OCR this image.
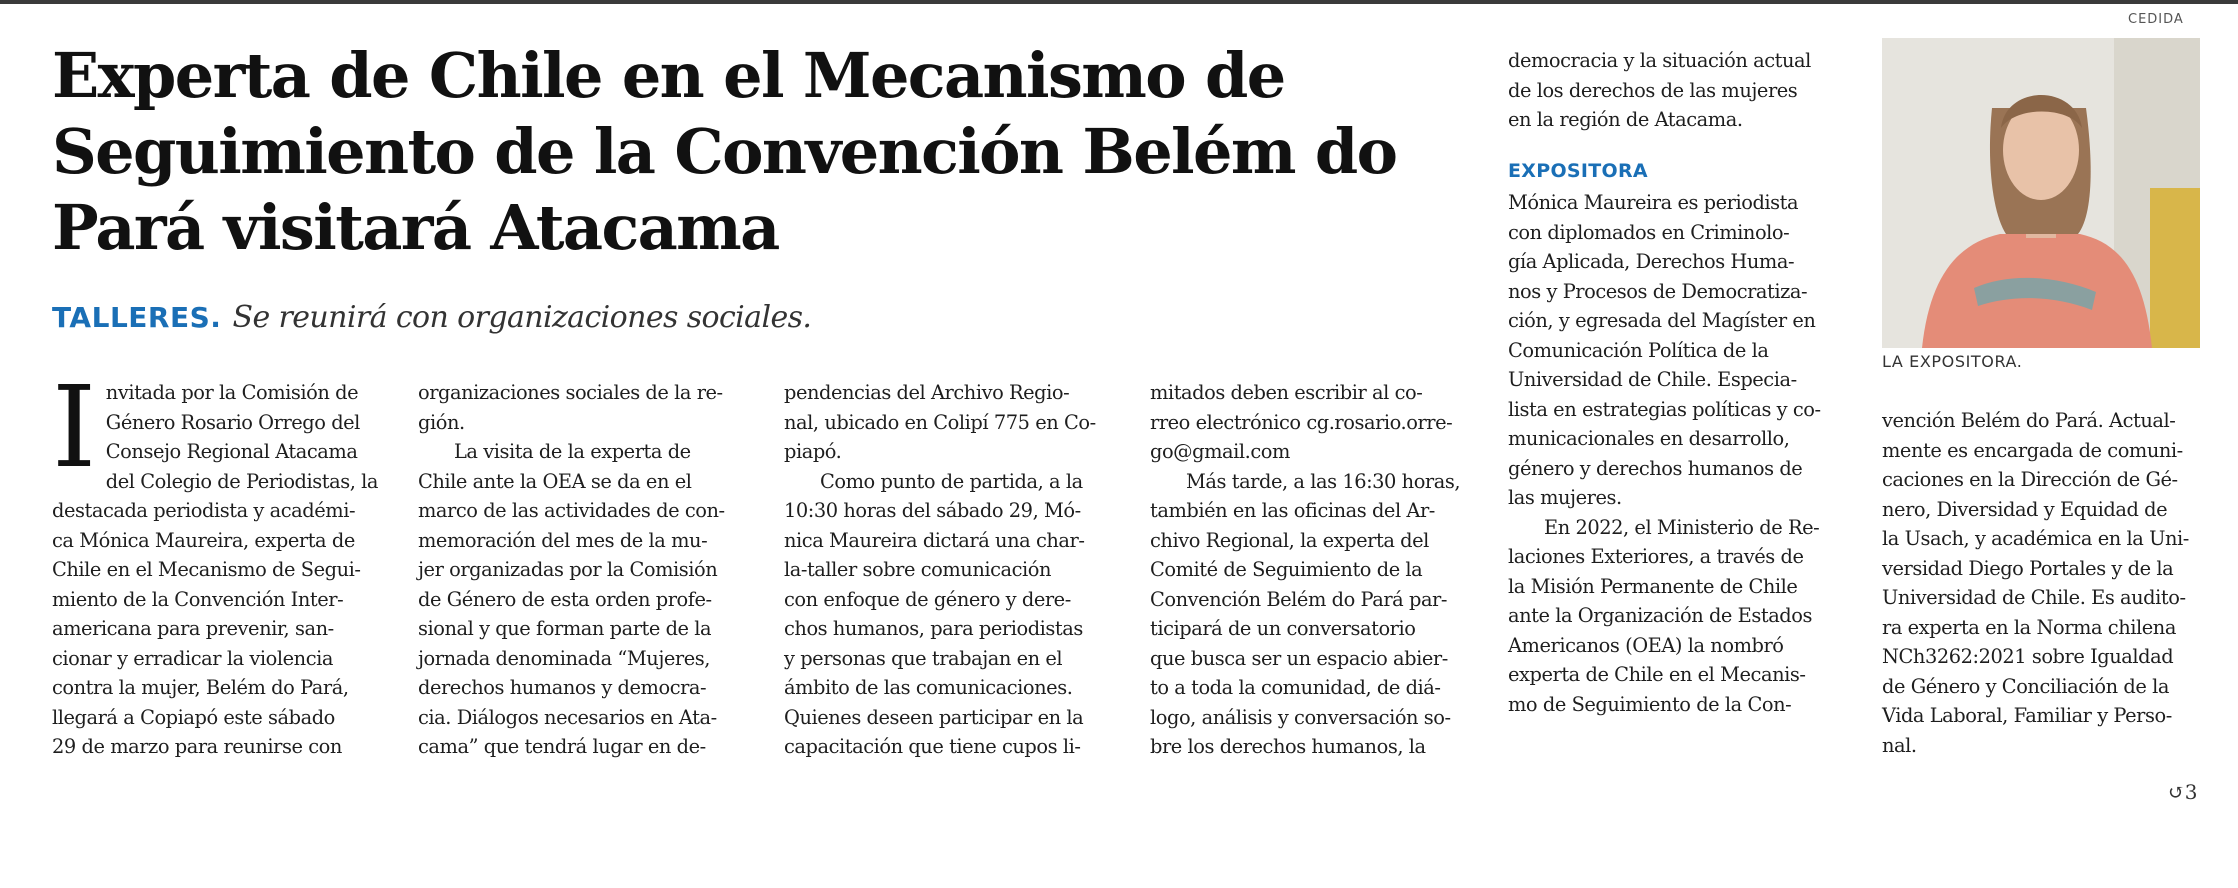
Experta de Chile en el Mecanismo de
Seguimiento de la Convención Belém do
Pará visitará Atacama
TALLERES. Se reunirá con organizaciones sociales.
I nvitada por la Comisión de
Género Rosario Orrego del
Consejo Regional Atacama
del Colegio de Periodistas, la
destacada periodista y académi-
ca Mónica Maureira, experta de
Chile en el Mecanismo de Segui-
miento de la Convención Inter-
americana para prevenir, san-
cionar y erradicar la violencia
contra la mujer, Belém do Pará,
llegará a Copiapó este sábado
29 de marzo para reunirse con
organizaciones sociales de la re-
gión.
La visita de la experta de
Chile ante la OEA se da en el
marco de las actividades de con-
memoración del mes de la mu-
jer organizadas por la Comisión
de Género de esta orden profe-
sional y que forman parte de la
jornada denominada “Mujeres,
derechos humanos y democra-
cia. Diálogos necesarios en Ata-
cama” que tendrá lugar en de-
pendencias del Archivo Regio-
nal, ubicado en Colipí 775 en Co-
piapó.
Como punto de partida, a la
10:30 horas del sábado 29, Mó-
nica Maureira dictará una char-
la-taller sobre comunicación
con enfoque de género y dere-
chos humanos, para periodistas
y personas que trabajan en el
ámbito de las comunicaciones.
Quienes deseen participar en la
capacitación que tiene cupos li-
mitados deben escribir al co-
rreo electrónico cg.rosario.orre-
go@gmail.com
Más tarde, a las 16:30 horas,
también en las oficinas del Ar-
chivo Regional, la experta del
Comité de Seguimiento de la
Convención Belém do Pará par-
ticipará de un conversatorio
que busca ser un espacio abier-
to a toda la comunidad, de diá-
logo, análisis y conversación so-
bre los derechos humanos, la
democracia y la situación actual
de los derechos de las mujeres
en la región de Atacama.
EXPOSITORA
Mónica Maureira es periodista
con diplomados en Criminolo-
gía Aplicada, Derechos Huma-
nos y Procesos de Democratiza-
ción, y egresada del Magíster en
Comunicación Política de la
Universidad de Chile. Especia-
lista en estrategias políticas y co-
municacionales en desarrollo,
género y derechos humanos de
las mujeres.
En 2022, el Ministerio de Re-
laciones Exteriores, a través de
la Misión Permanente de Chile
ante la Organización de Estados
Americanos (OEA) la nombró
experta de Chile en el Mecanis-
mo de Seguimiento de la Con-
CEDIDA
LA EXPOSITORA.
vención Belém do Pará. Actual-
mente es encargada de comuni-
caciones en la Dirección de Gé-
nero, Diversidad y Equidad de
la Usach, y académica en la Uni-
versidad Diego Portales y de la
Universidad de Chile. Es audito-
ra experta en la Norma chilena
NCh3262:2021 sobre Igualdad
de Género y Conciliación de la
Vida Laboral, Familiar y Perso-
nal.
↺3
